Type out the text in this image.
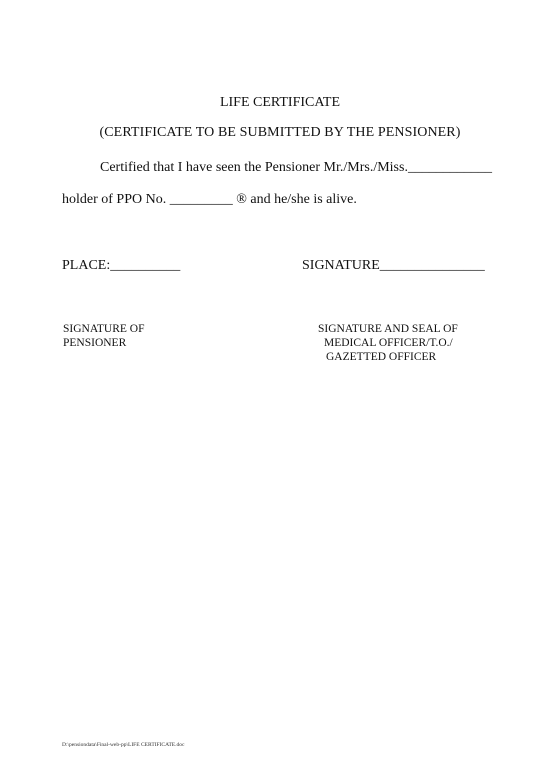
LIFE CERTIFICATE
(CERTIFICATE TO BE SUBMITTED BY THE PENSIONER)
Certified that I have seen the Pensioner Mr./Mrs./Miss.____________
holder of PPO No. _________ ® and he/she is alive.
PLACE:__________	SIGNATURE_______________
SIGNATURE OF
PENSIONER
SIGNATURE AND SEAL OF
MEDICAL OFFICER/T.O./
GAZETTED OFFICER
D:\pensiondata\Final-web-pp\LIFE CERTIFICATE.doc
